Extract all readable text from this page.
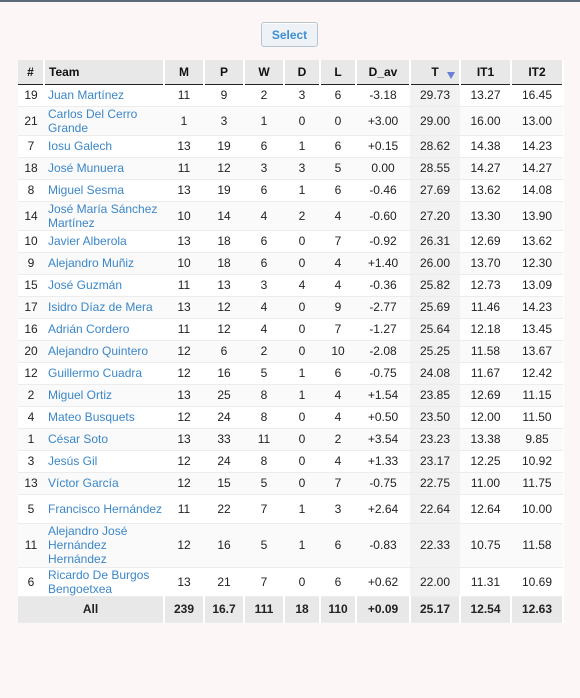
Select
#	Team	M	P	W	D	L	D_av	T	IT1	IT2
19	Juan Martínez	11	9	2	3	6	-3.18	29.73	13.27	16.45
21	Carlos Del Cerro Grande	1	3	1	0	0	+3.00	29.00	16.00	13.00
7	Iosu Galech	13	19	6	1	6	+0.15	28.62	14.38	14.23
18	José Munuera	11	12	3	3	5	0.00	28.55	14.27	14.27
8	Miguel Sesma	13	19	6	1	6	-0.46	27.69	13.62	14.08
14	José María Sánchez Martínez	10	14	4	2	4	-0.60	27.20	13.30	13.90
10	Javier Alberola	13	18	6	0	7	-0.92	26.31	12.69	13.62
9	Alejandro Muñiz	10	18	6	0	4	+1.40	26.00	13.70	12.30
15	José Guzmán	11	13	3	4	4	-0.36	25.82	12.73	13.09
17	Isidro Díaz de Mera	13	12	4	0	9	-2.77	25.69	11.46	14.23
16	Adrián Cordero	11	12	4	0	7	-1.27	25.64	12.18	13.45
20	Alejandro Quintero	12	6	2	0	10	-2.08	25.25	11.58	13.67
12	Guillermo Cuadra	12	16	5	1	6	-0.75	24.08	11.67	12.42
2	Miguel Ortiz	13	25	8	1	4	+1.54	23.85	12.69	11.15
4	Mateo Busquets	12	24	8	0	4	+0.50	23.50	12.00	11.50
1	César Soto	13	33	11	0	2	+3.54	23.23	13.38	9.85
3	Jesús Gil	12	24	8	0	4	+1.33	23.17	12.25	10.92
13	Víctor García	12	15	5	0	7	-0.75	22.75	11.00	11.75
5	Francisco Hernández	11	22	7	1	3	+2.64	22.64	12.64	10.00
11	Alejandro José Hernández Hernández	12	16	5	1	6	-0.83	22.33	10.75	11.58
6	Ricardo De Burgos Bengoetxea	13	21	7	0	6	+0.62	22.00	11.31	10.69
All		239	16.7	111	18	110	+0.09	25.17	12.54	12.63
